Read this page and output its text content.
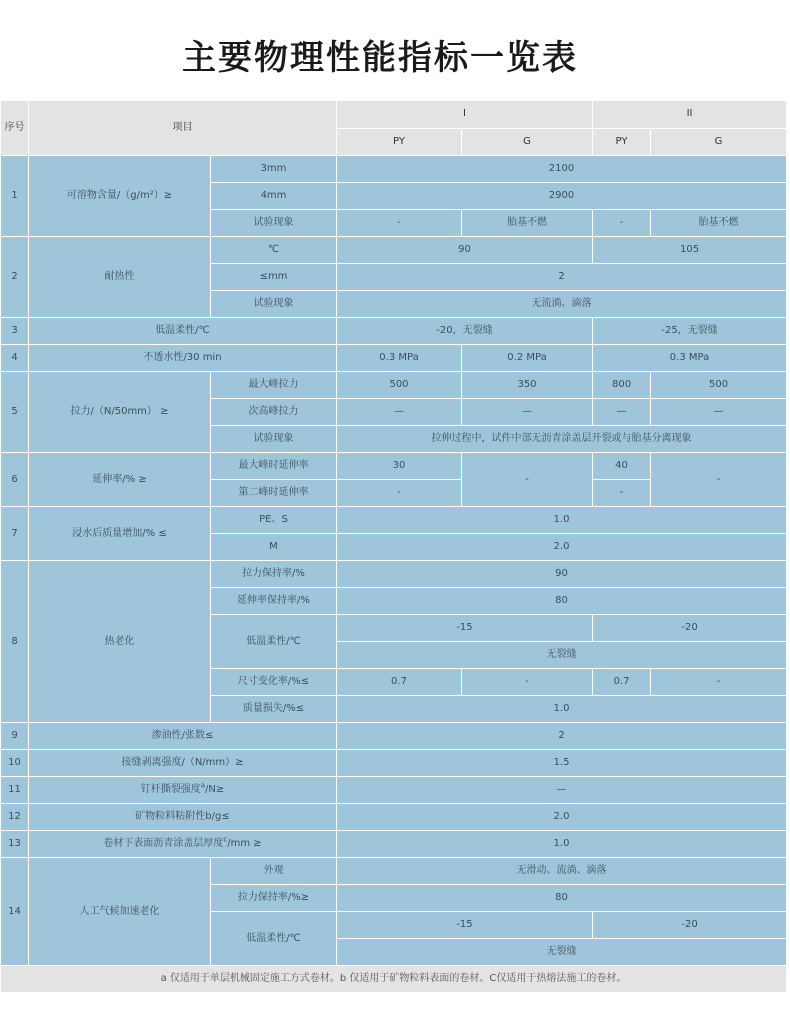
主要物理性能指标一览表
序号	项目		I		II	
			PY	G	PY	G
1	可溶物含量/（g/m²）≥	3mm	2100			
		4mm	2900			
		试验现象	-	胎基不燃	-	胎基不燃
2	耐热性	℃	90		105	
		≤mm	2			
		试验现象	无流淌、滴落			
3	低温柔性/℃		-20，无裂缝		-25，无裂缝	
4	不透水性/30 min		0.3 MPa	0.2 MPa	0.3 MPa	
5	拉力/（N/50mm） ≥	最大峰拉力	500	350	800	500
		次高峰拉力	—	—	—	—
		试验现象	拉伸过程中，试件中部无沥青涂盖层开裂或与胎基分离现象			
6	延伸率/% ≥	最大峰时延伸率	30	-	40	-
		第二峰时延伸率	-		-	
7	浸水后质量增加/% ≤	PE、S	1.0			
		M	2.0			
8	热老化	拉力保持率/%	90			
		延伸率保持率/%	80			
		低温柔性/℃	-15		-20	
			无裂缝			
		尺寸变化率/%≤	0.7	-	0.7	-
		质量损失/%≤	1.0			
9	渗油性/张数≤		2			
10	接缝剥离强度/（N/mm）≥		1.5			
11	钉杆撕裂强度$^a$/N≥		—			
12	矿物粒料粘附性b/g≤		2.0			
13	卷材下表面沥青涂盖层厚度$^c$/mm ≥		1.0			
14	人工气候加速老化	外观	无滑动、流淌、滴落			
		拉力保持率/%≥	80			
		低温柔性/℃	-15		-20	
			无裂缝			
a 仅适用于单层机械固定施工方式卷材。b 仅适用于矿物粒料表面的卷材。C仅适用于热熔法施工的卷材。						
